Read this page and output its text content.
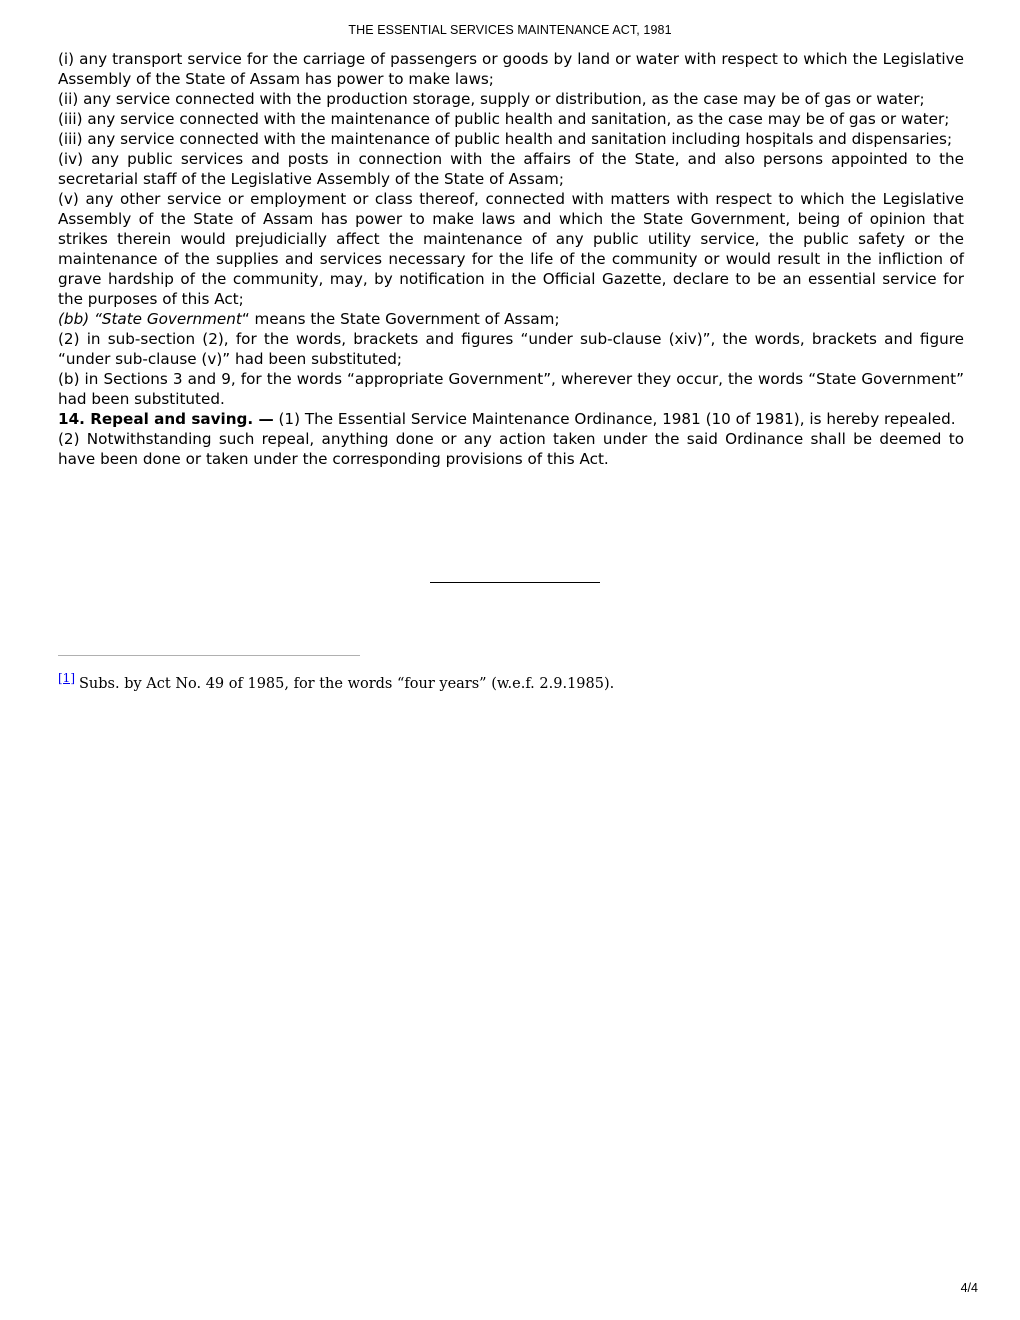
THE ESSENTIAL SERVICES MAINTENANCE ACT, 1981

(i) any transport service for the carriage of passengers or goods by land or water with respect to which the Legislative Assembly of the State of Assam has power to make laws;

(ii) any service connected with the production storage, supply or distribution, as the case may be of gas or water;

(iii) any service connected with the maintenance of public health and sanitation, as the case may be of gas or water;

(iii) any service connected with the maintenance of public health and sanitation including hospitals and dispensaries;

(iv) any public services and posts in connection with the affairs of the State, and also persons appointed to the secretarial staff of the Legislative Assembly of the State of Assam;

(v) any other service or employment or class thereof, connected with matters with respect to which the Legislative Assembly of the State of Assam has power to make laws and which the State Government, being of opinion that strikes therein would prejudicially affect the maintenance of any public utility service, the public safety or the maintenance of the supplies and services necessary for the life of the community or would result in the infliction of grave hardship of the community, may, by notification in the Official Gazette, declare to be an essential service for the purposes of this Act;

(bb) “State Government“ means the State Government of Assam;

(2) in sub-section (2), for the words, brackets and figures “under sub-clause (xiv)”, the words, brackets and figure “under sub-clause (v)” had been substituted;

(b) in Sections 3 and 9, for the words “appropriate Government”, wherever they occur, the words “State Government” had been substituted.

14. Repeal and saving. — (1) The Essential Service Maintenance Ordinance, 1981 (10 of 1981), is hereby repealed.

(2) Notwithstanding such repeal, anything done or any action taken under the said Ordinance shall be deemed to have been done or taken under the corresponding provisions of this Act.

[1] Subs. by Act No. 49 of 1985, for the words “four years” (w.e.f. 2.9.1985).
4/4
